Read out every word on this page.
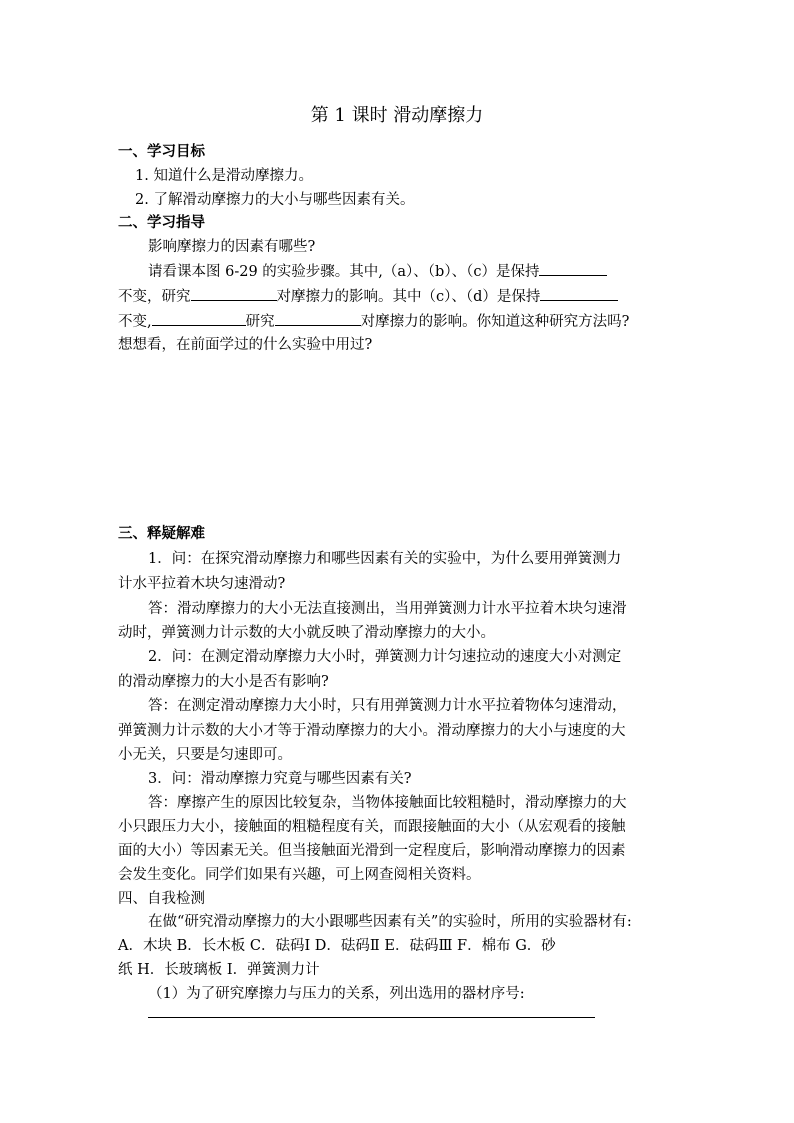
第 1 课时 滑动摩擦力
一、学习目标
1. 知道什么是滑动摩擦力。
2. 了解滑动摩擦力的大小与哪些因素有关。
二、学习指导
影响摩擦力的因素有哪些?
请看课本图 6-29 的实验步骤。其中,（a）、（b）、（c）是保持
不变，研究	对摩擦力的影响。其中（c）、（d）是保持
不变,	研究	对摩擦力的影响。你知道这种研究方法吗?
想想看，在前面学过的什么实验中用过?
三、释疑解难
1．问：在探究滑动摩擦力和哪些因素有关的实验中，为什么要用弹簧测力
计水平拉着木块匀速滑动?
答：滑动摩擦力的大小无法直接测出，当用弹簧测力计水平拉着木块匀速滑
动时，弹簧测力计示数的大小就反映了滑动摩擦力的大小。
2．问：在测定滑动摩擦力大小时，弹簧测力计匀速拉动的速度大小对测定
的滑动摩擦力的大小是否有影响?
答：在测定滑动摩擦力大小时，只有用弹簧测力计水平拉着物体匀速滑动，
弹簧测力计示数的大小才等于滑动摩擦力的大小。滑动摩擦力的大小与速度的大
小无关，只要是匀速即可。
3．问：滑动摩擦力究竟与哪些因素有关?
答：摩擦产生的原因比较复杂，当物体接触面比较粗糙时，滑动摩擦力的大
小只跟压力大小，接触面的粗糙程度有关，而跟接触面的大小（从宏观看的接触
面的大小）等因素无关。但当接触面光滑到一定程度后，影响滑动摩擦力的因素
会发生变化。同学们如果有兴趣，可上网查阅相关资料。
四、自我检测
在做“研究滑动摩擦力的大小跟哪些因素有关”的实验时，所用的实验器材有:
A．木块 B．长木板 C．砝码Ⅰ D．砝码Ⅱ E．砝码Ⅲ F．棉布 G．砂
纸 H．长玻璃板 I．弹簧测力计
（1）为了研究摩擦力与压力的关系，列出选用的器材序号:
